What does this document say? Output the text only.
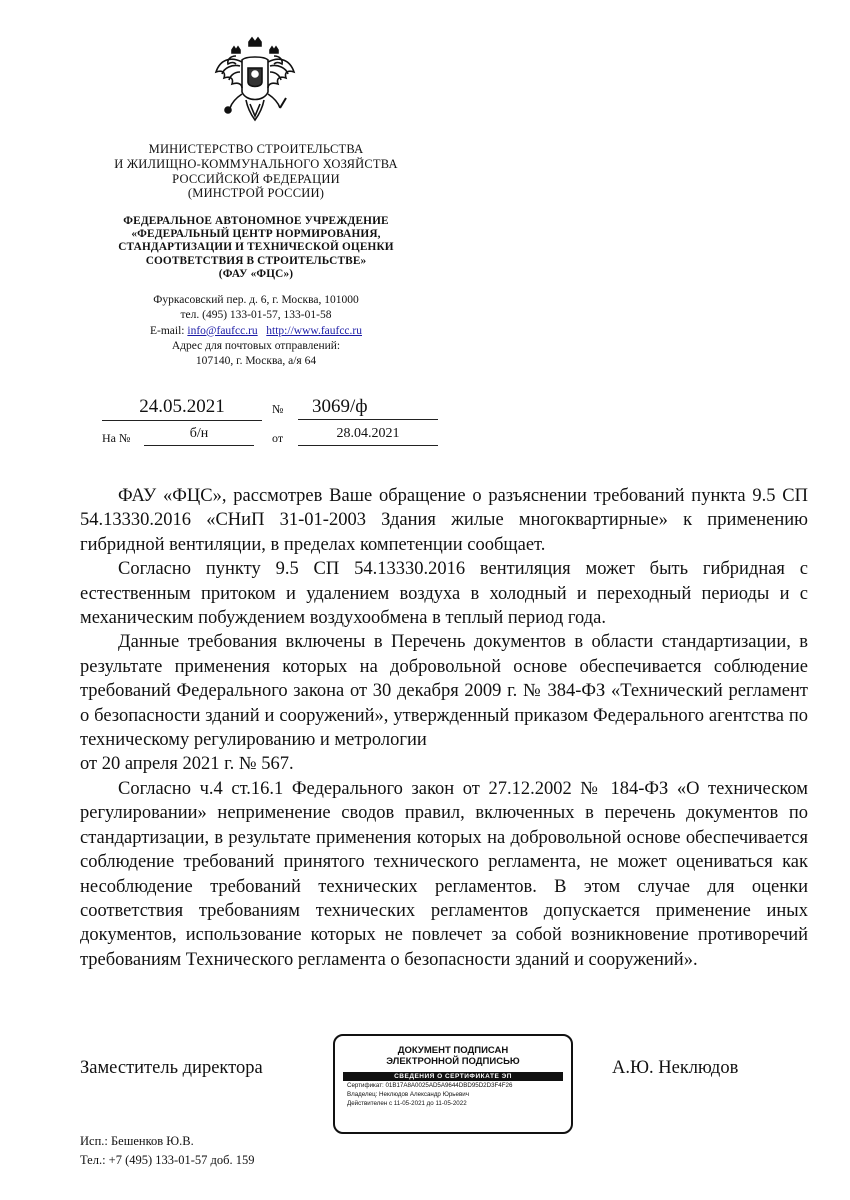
МИНИСТЕРСТВО СТРОИТЕЛЬСТВА
И ЖИЛИЩНО-КОММУНАЛЬНОГО ХОЗЯЙСТВА
РОССИЙСКОЙ ФЕДЕРАЦИИ
(МИНСТРОЙ РОССИИ)
ФЕДЕРАЛЬНОЕ АВТОНОМНОЕ УЧРЕЖДЕНИЕ
«ФЕДЕРАЛЬНЫЙ ЦЕНТР НОРМИРОВАНИЯ,
СТАНДАРТИЗАЦИИ И ТЕХНИЧЕСКОЙ ОЦЕНКИ
СООТВЕТСТВИЯ В СТРОИТЕЛЬСТВЕ»
(ФАУ «ФЦС»)
Фуркасовский пер. д. 6, г. Москва, 101000
тел. (495) 133-01-57, 133-01-58
E-mail: info@faufcc.ru http://www.faufcc.ru
Адрес для почтовых отправлений:
107140, г. Москва, а/я 64
24.05.2021	№	3069/ф
На №	б/н	от	28.04.2021

ФАУ «ФЦС», рассмотрев Ваше обращение о разъяснении требований пункта 9.5 СП 54.13330.2016 «СНиП 31-01-2003 Здания жилые многоквартирные» к применению гибридной вентиляции, в пределах компетенции сообщает.

Согласно пункту 9.5 СП 54.13330.2016 вентиляция может быть гибридная с естественным притоком и удалением воздуха в холодный и переходный периоды и с механическим побуждением воздухообмена в теплый период года.

Данные требования включены в Перечень документов в области стандартизации, в результате применения которых на добровольной основе обеспечивается соблюдение требований Федерального закона от 30 декабря 2009 г. № 384-ФЗ «Технический регламент о безопасности зданий и сооружений», утвержденный приказом Федерального агентства по техническому регулированию и метрологии

от 20 апреля 2021 г. № 567.

Согласно ч.4 ст.16.1 Федерального закон от 27.12.2002 № 184-ФЗ «О техническом регулировании» неприменение сводов правил, включенных в перечень документов по стандартизации, в результате применения которых на добровольной основе обеспечивается соблюдение требований принятого технического регламента, не может оцениваться как несоблюдение требований технических регламентов. В этом случае для оценки соответствия требованиям технических регламентов допускается применение иных документов, использование которых не повлечет за собой возникновение противоречий требованиям Технического регламента о безопасности зданий и сооружений».

Заместитель директора
ДОКУМЕНТ ПОДПИСАН
ЭЛЕКТРОННОЙ ПОДПИСЬЮ
СВЕДЕНИЯ О СЕРТИФИКАТЕ ЭП
Сертификат: 01B17A8A0025AD5A9644DBD95D2D3F4F26
Владелец: Неклюдов Александр Юрьевич
Действителен с 11-05-2021 до 11-05-2022
А.Ю. Неклюдов
Исп.: Бешенков Ю.В.
Тел.: +7 (495) 133-01-57 доб. 159
